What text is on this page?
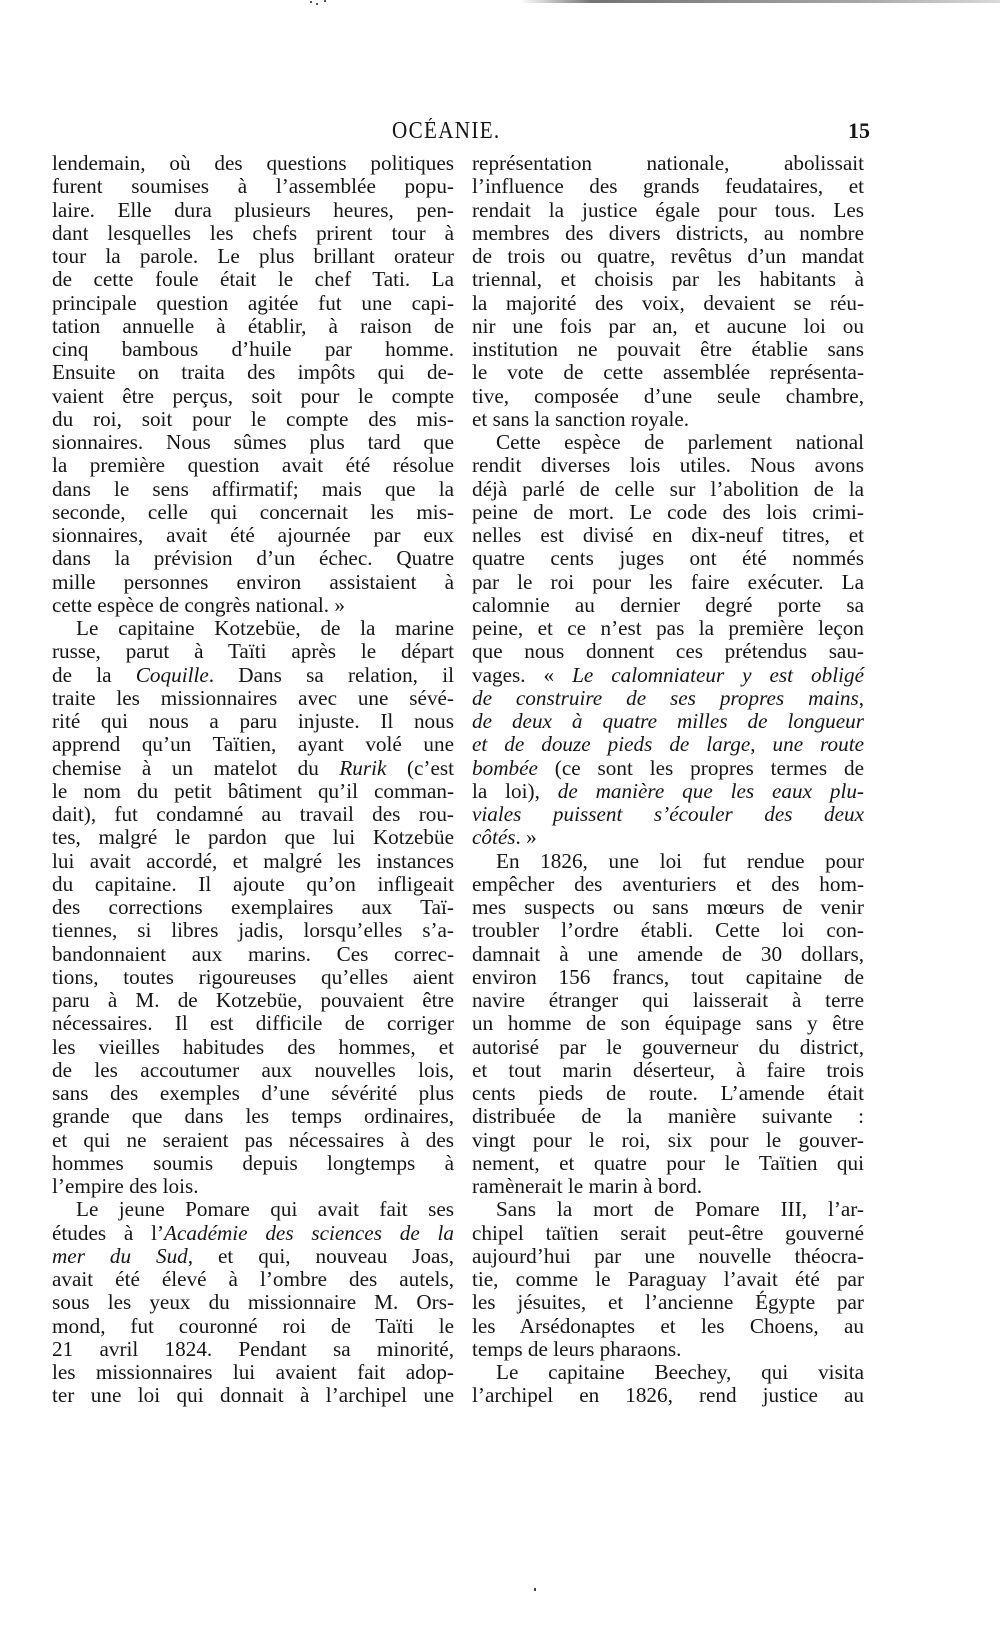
OCÉANIE.	15
lendemain, où des questions politiques
furent soumises à l’assemblée popu-
laire. Elle dura plusieurs heures, pen-
dant lesquelles les chefs prirent tour à
tour la parole. Le plus brillant orateur
de cette foule était le chef Tati. La
principale question agitée fut une capi-
tation annuelle à établir, à raison de
cinq bambous d’huile par homme.
Ensuite on traita des impôts qui de-
vaient être perçus, soit pour le compte
du roi, soit pour le compte des mis-
sionnaires. Nous sûmes plus tard que
la première question avait été résolue
dans le sens affirmatif; mais que la
seconde, celle qui concernait les mis-
sionnaires, avait été ajournée par eux
dans la prévision d’un échec. Quatre
mille personnes environ assistaient à
cette espèce de congrès national. »
Le capitaine Kotzebüe, de la marine
russe, parut à Taïti après le départ
de la Coquille. Dans sa relation, il
traite les missionnaires avec une sévé-
rité qui nous a paru injuste. Il nous
apprend qu’un Taïtien, ayant volé une
chemise à un matelot du Rurik (c’est
le nom du petit bâtiment qu’il comman-
dait), fut condamné au travail des rou-
tes, malgré le pardon que lui Kotzebüe
lui avait accordé, et malgré les instances
du capitaine. Il ajoute qu’on infligeait
des corrections exemplaires aux Taï-
tiennes, si libres jadis, lorsqu’elles s’a-
bandonnaient aux marins. Ces correc-
tions, toutes rigoureuses qu’elles aient
paru à M. de Kotzebüe, pouvaient être
nécessaires. Il est difficile de corriger
les vieilles habitudes des hommes, et
de les accoutumer aux nouvelles lois,
sans des exemples d’une sévérité plus
grande que dans les temps ordinaires,
et qui ne seraient pas nécessaires à des
hommes soumis depuis longtemps à
l’empire des lois.
Le jeune Pomare qui avait fait ses
études à l’Académie des sciences de la
mer du Sud, et qui, nouveau Joas,
avait été élevé à l’ombre des autels,
sous les yeux du missionnaire M. Ors-
mond, fut couronné roi de Taïti le
21 avril 1824. Pendant sa minorité,
les missionnaires lui avaient fait adop-
ter une loi qui donnait à l’archipel une
représentation nationale, abolissait
l’influence des grands feudataires, et
rendait la justice égale pour tous. Les
membres des divers districts, au nombre
de trois ou quatre, revêtus d’un mandat
triennal, et choisis par les habitants à
la majorité des voix, devaient se réu-
nir une fois par an, et aucune loi ou
institution ne pouvait être établie sans
le vote de cette assemblée représenta-
tive, composée d’une seule chambre,
et sans la sanction royale.
Cette espèce de parlement national
rendit diverses lois utiles. Nous avons
déjà parlé de celle sur l’abolition de la
peine de mort. Le code des lois crimi-
nelles est divisé en dix-neuf titres, et
quatre cents juges ont été nommés
par le roi pour les faire exécuter. La
calomnie au dernier degré porte sa
peine, et ce n’est pas la première leçon
que nous donnent ces prétendus sau-
vages. « Le calomniateur y est obligé
de construire de ses propres mains,
de deux à quatre milles de longueur
et de douze pieds de large, une route
bombée (ce sont les propres termes de
la loi), de manière que les eaux plu-
viales puissent s’écouler des deux
côtés. »
En 1826, une loi fut rendue pour
empêcher des aventuriers et des hom-
mes suspects ou sans mœurs de venir
troubler l’ordre établi. Cette loi con-
damnait à une amende de 30 dollars,
environ 156 francs, tout capitaine de
navire étranger qui laisserait à terre
un homme de son équipage sans y être
autorisé par le gouverneur du district,
et tout marin déserteur, à faire trois
cents pieds de route. L’amende était
distribuée de la manière suivante :
vingt pour le roi, six pour le gouver-
nement, et quatre pour le Taïtien qui
ramènerait le marin à bord.
Sans la mort de Pomare III, l’ar-
chipel taïtien serait peut-être gouverné
aujourd’hui par une nouvelle théocra-
tie, comme le Paraguay l’avait été par
les jésuites, et l’ancienne Égypte par
les Arsédonaptes et les Choens, au
temps de leurs pharaons.
Le capitaine Beechey, qui visita
l’archipel en 1826, rend justice au
